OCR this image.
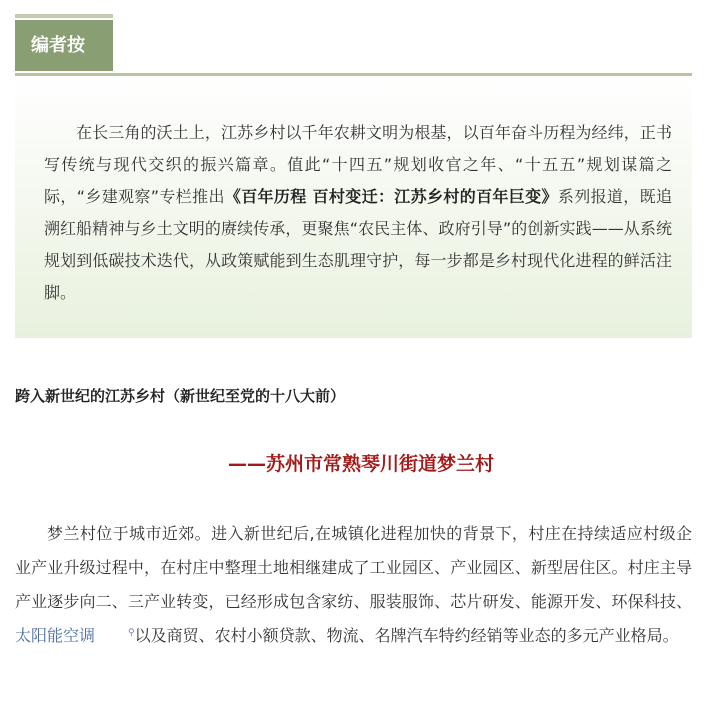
编者按

在长三角的沃土上，江苏乡村以千年农耕文明为根基，以百年奋斗历程为经纬，正书写传统与现代交织的振兴篇章。值此“十四五”规划收官之年、“十五五”规划谋篇之际，“乡建观察”专栏推出《百年历程 百村变迁：江苏乡村的百年巨变》系列报道，既追溯红船精神与乡土文明的赓续传承，更聚焦“农民主体、政府引导”的创新实践——从系统规划到低碳技术迭代，从政策赋能到生态肌理守护，每一步都是乡村现代化进程的鲜活注脚。

跨入新世纪的江苏乡村（新世纪至党的十八大前）
——苏州市常熟琴川街道梦兰村

梦兰村位于城市近郊。进入新世纪后,在城镇化进程加快的背景下，村庄在持续适应村级企业产业升级过程中，在村庄中整理土地相继建成了工业园区、产业园区、新型居住区。村庄主导产业逐步向二、三产业转变，已经形成包含家纺、服装服饰、芯片研发、能源开发、环保科技、太阳能空调	⚲以及商贸、农村小额贷款、物流、名牌汽车特约经销等业态的多元产业格局。
